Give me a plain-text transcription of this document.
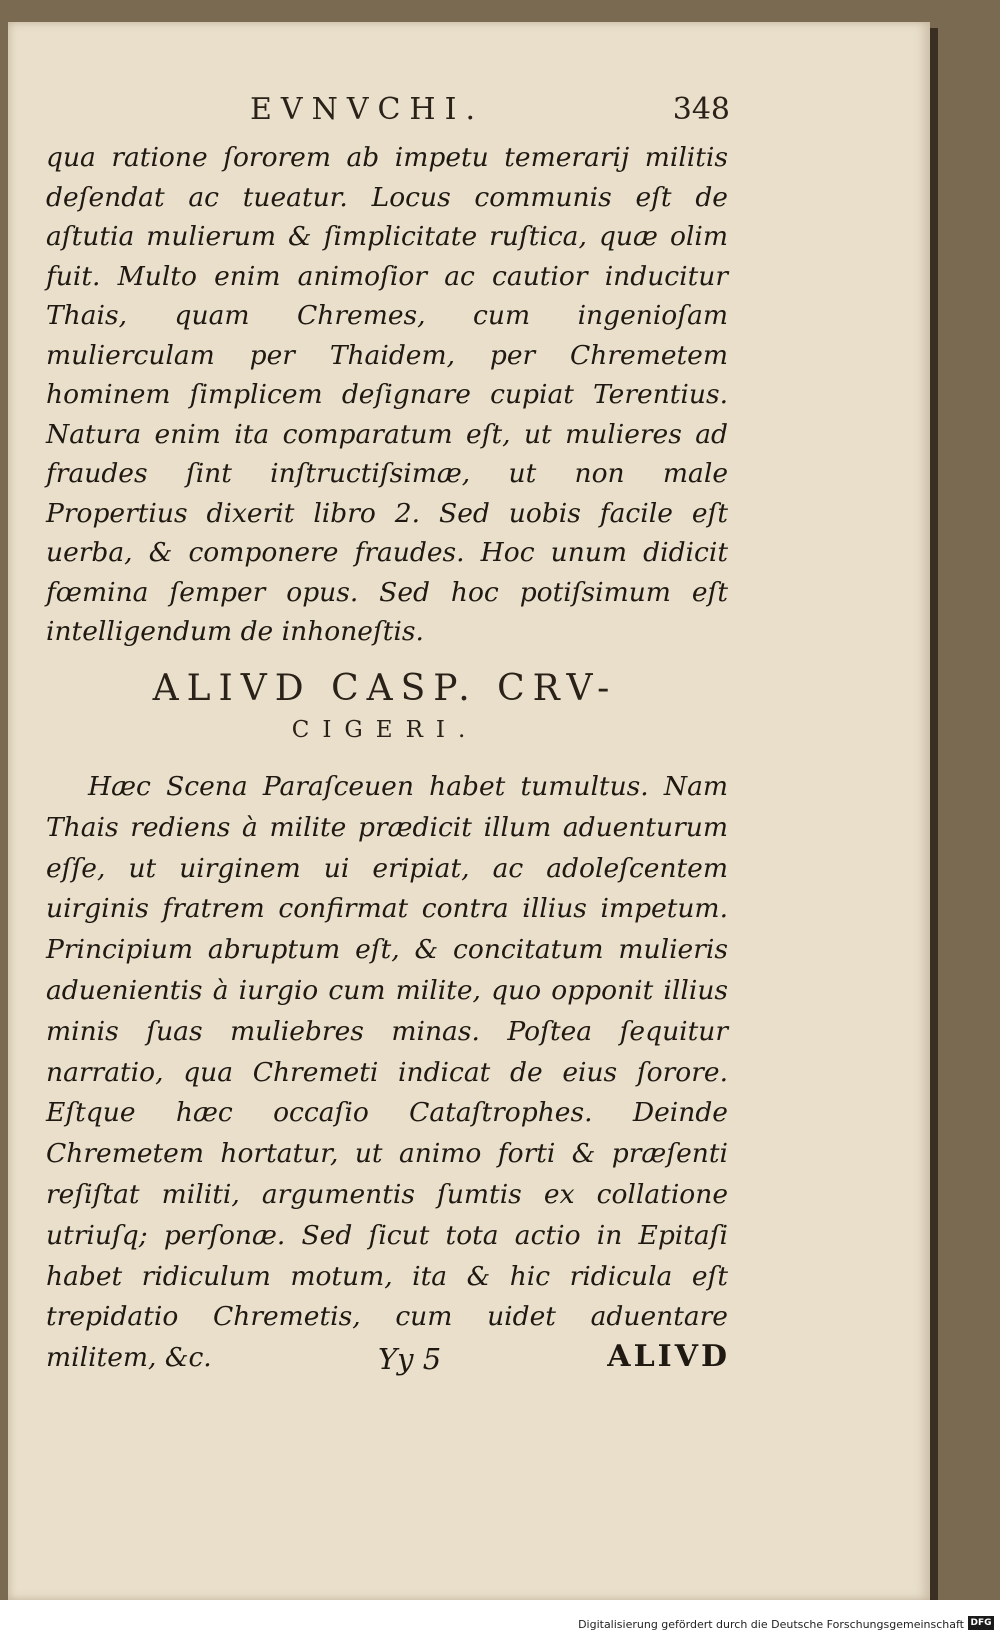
EVNVCHI.	348

qua ratione ſororem ab impetu temerarij militis deſendat ac tueatur. Locus communis eſt de aſtutia mulierum & ſimplicitate ruſtica, quæ olim fuit. Multo enim animoſior ac cautior inducitur Thais, quam Chremes, cum ingenioſam mulierculam per Thaidem, per Chremetem hominem ſimplicem deſignare cupiat Terentius. Natura enim ita comparatum eſt, ut mulieres ad fraudes ſint inſtructiſsimæ, ut non male Propertius dixerit libro 2. Sed uobis facile eſt uerba, & componere fraudes. Hoc unum didicit fœmina ſemper opus. Sed hoc potiſsimum eſt intelligendum de inhoneſtis.

ALIVD CASP. CRV-
CIGERI.

Hæc Scena Paraſceuen habet tumultus. Nam Thais rediens à milite prædicit illum aduenturum eſſe, ut uirginem ui eripiat, ac adoleſcentem uirginis fratrem confirmat contra illius impetum. Principium abruptum eſt, & concitatum mulieris aduenientis à iurgio cum milite, quo opponit illius minis ſuas muliebres minas. Poſtea ſequitur narratio, qua Chremeti indicat de eius ſorore. Eſtque hæc occaſio Cataſtrophes. Deinde Chremetem hortatur, ut animo forti & præſenti reſiſtat militi, argumentis ſumtis ex collatione utriuſq; perſonæ. Sed ſicut tota actio in Epitaſi habet ridiculum motum, ita & hic ridicula eſt trepidatio Chremetis, cum uidet aduentare militem, &c.	Yy 5	ALIVD
Digitalisierung gefördert durch die Deutsche Forschungsgemeinschaft DFG
